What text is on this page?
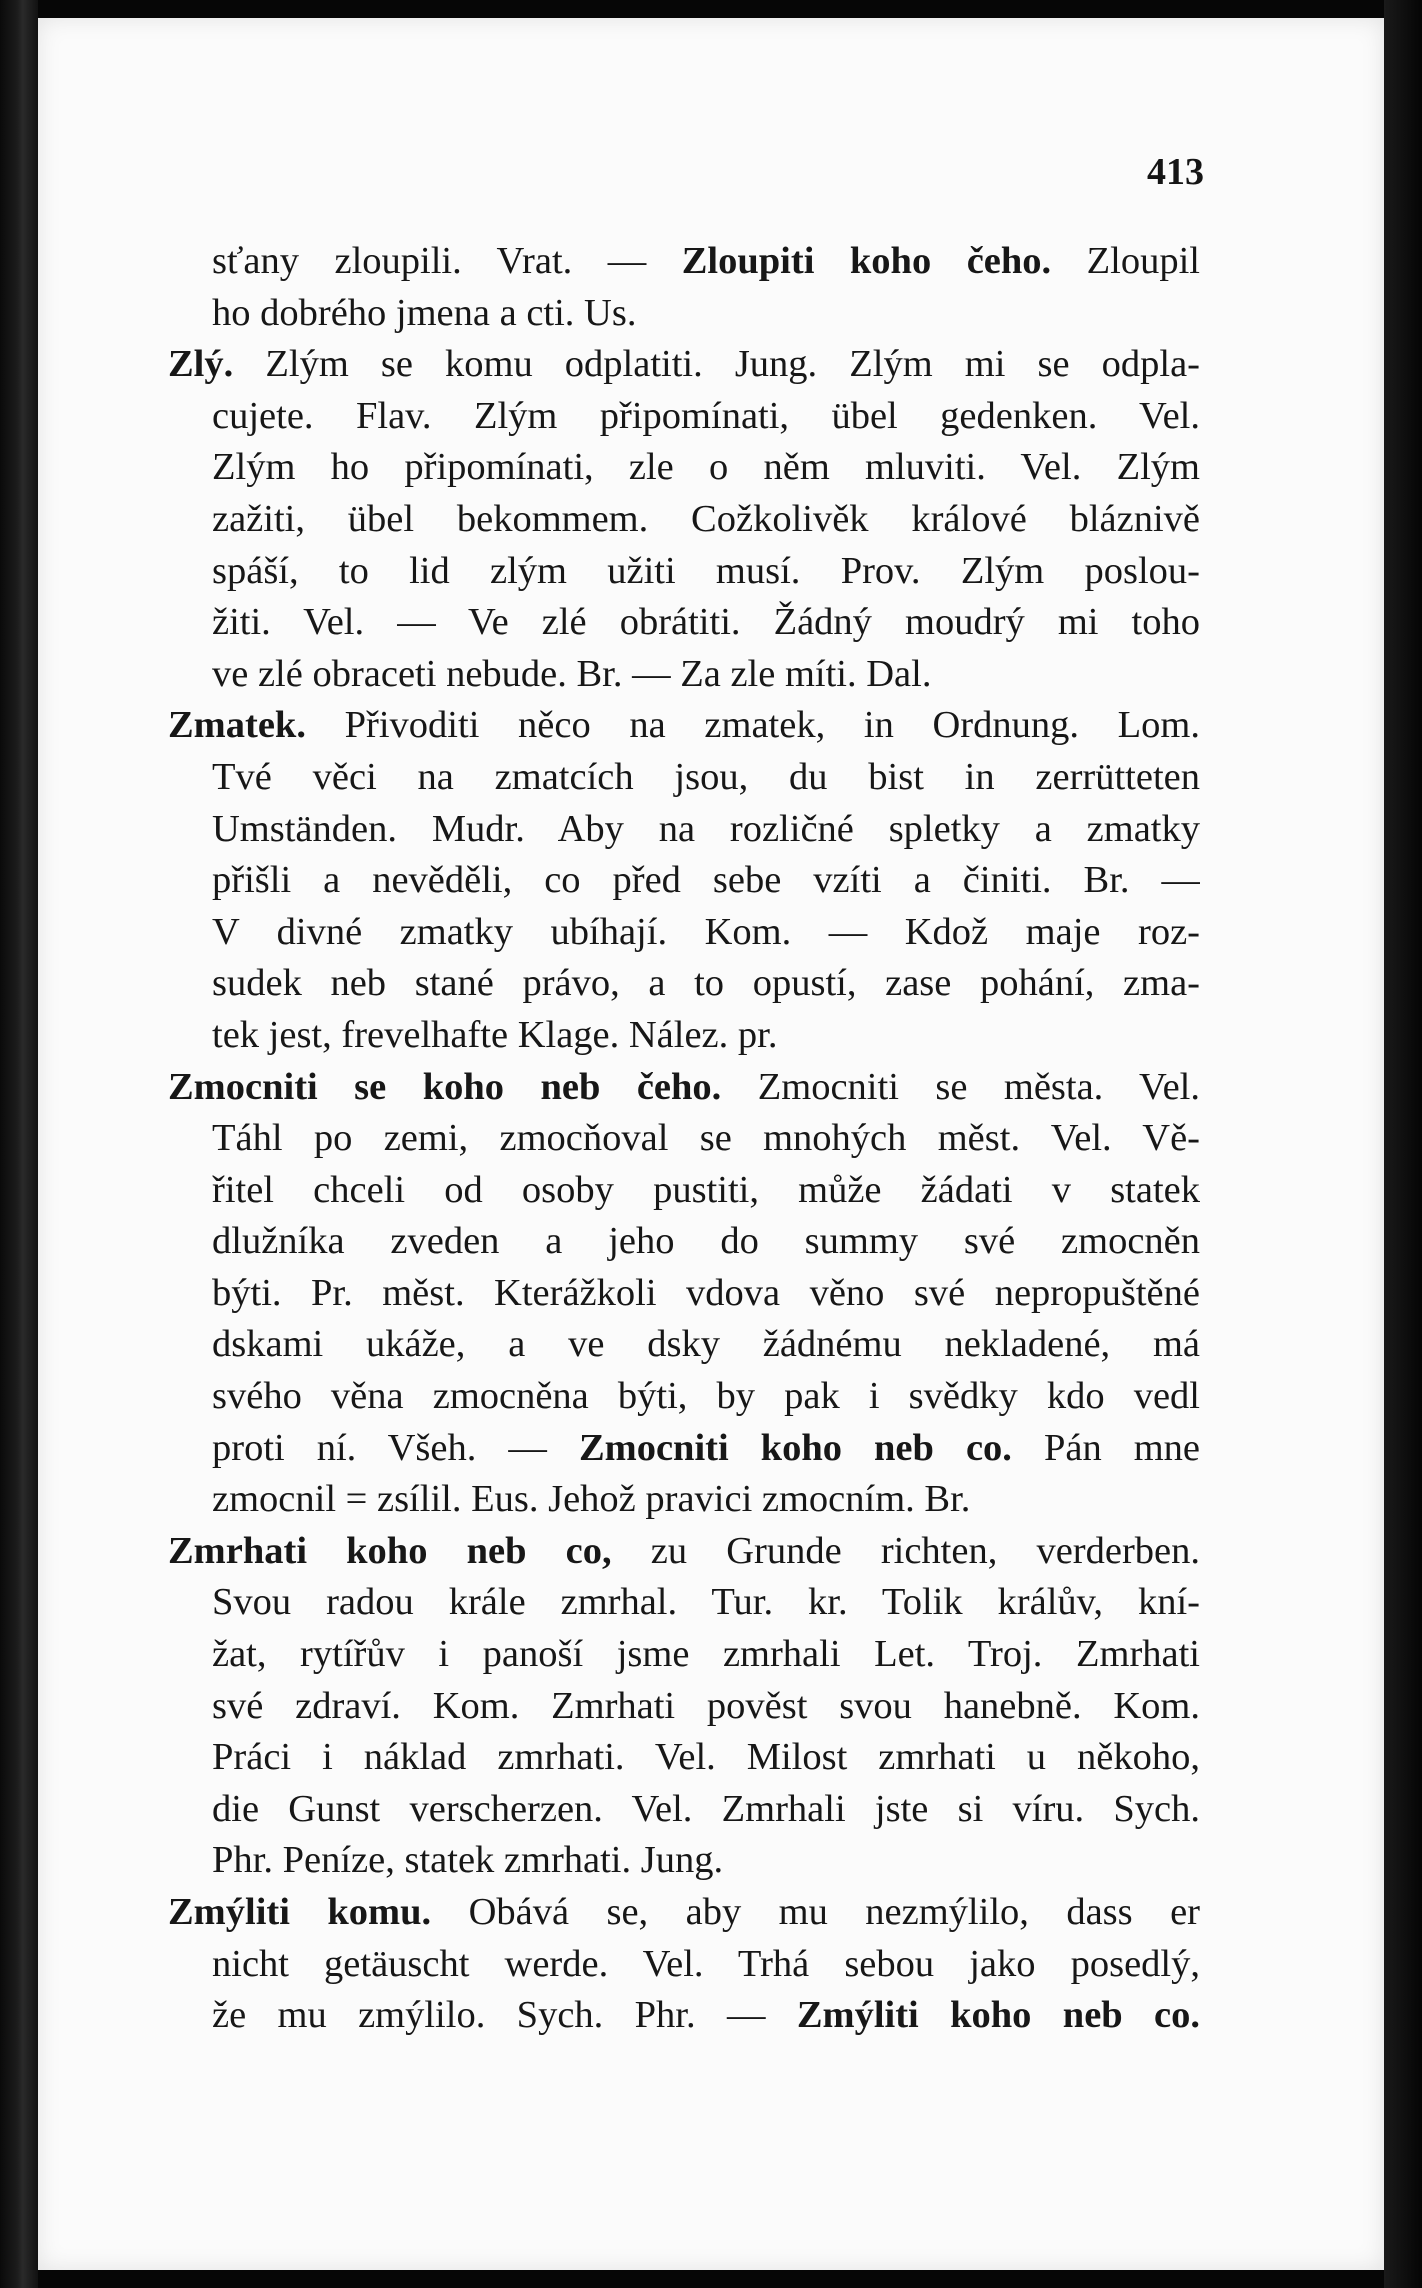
413
sťany zloupili. Vrat. — Zloupiti koho čeho. Zloupil
ho dobrého jmena a cti. Us.
Zlý. Zlým se komu odplatiti. Jung. Zlým mi se odpla-
cujete. Flav. Zlým připomínati, übel gedenken. Vel.
Zlým ho připomínati, zle o něm mluviti. Vel. Zlým
zažiti, übel bekommem. Cožkolivěk králové bláznivě
spáší, to lid zlým užiti musí. Prov. Zlým poslou-
žiti. Vel. — Ve zlé obrátiti. Žádný moudrý mi toho
ve zlé obraceti nebude. Br. — Za zle míti. Dal.
Zmatek. Přivoditi něco na zmatek, in Ordnung. Lom.
Tvé věci na zmatcích jsou, du bist in zerrütteten
Umständen. Mudr. Aby na rozličné spletky a zmatky
přišli a nevěděli, co před sebe vzíti a činiti. Br. —
V divné zmatky ubíhají. Kom. — Kdož maje roz-
sudek neb stané právo, a to opustí, zase pohání, zma-
tek jest, frevelhafte Klage. Nález. pr.
Zmocniti se koho neb čeho. Zmocniti se města. Vel.
Táhl po zemi, zmocňoval se mnohých měst. Vel. Vě-
řitel chceli od osoby pustiti, může žádati v statek
dlužníka zveden a jeho do summy své zmocněn
býti. Pr. měst. Kterážkoli vdova věno své nepropuštěné
dskami ukáže, a ve dsky žádnému nekladené, má
svého věna zmocněna býti, by pak i svědky kdo vedl
proti ní. Všeh. — Zmocniti koho neb co. Pán mne
zmocnil = zsílil. Eus. Jehož pravici zmocním. Br.
Zmrhati koho neb co, zu Grunde richten, verderben.
Svou radou krále zmrhal. Tur. kr. Tolik králův, kní-
žat, rytířův i panoší jsme zmrhali Let. Troj. Zmrhati
své zdraví. Kom. Zmrhati pověst svou hanebně. Kom.
Práci i náklad zmrhati. Vel. Milost zmrhati u někoho,
die Gunst verscherzen. Vel. Zmrhali jste si víru. Sych.
Phr. Peníze, statek zmrhati. Jung.
Zmýliti komu. Obává se, aby mu nezmýlilo, dass er
nicht getäuscht werde. Vel. Trhá sebou jako posedlý,
že mu zmýlilo. Sych. Phr. — Zmýliti koho neb co.
